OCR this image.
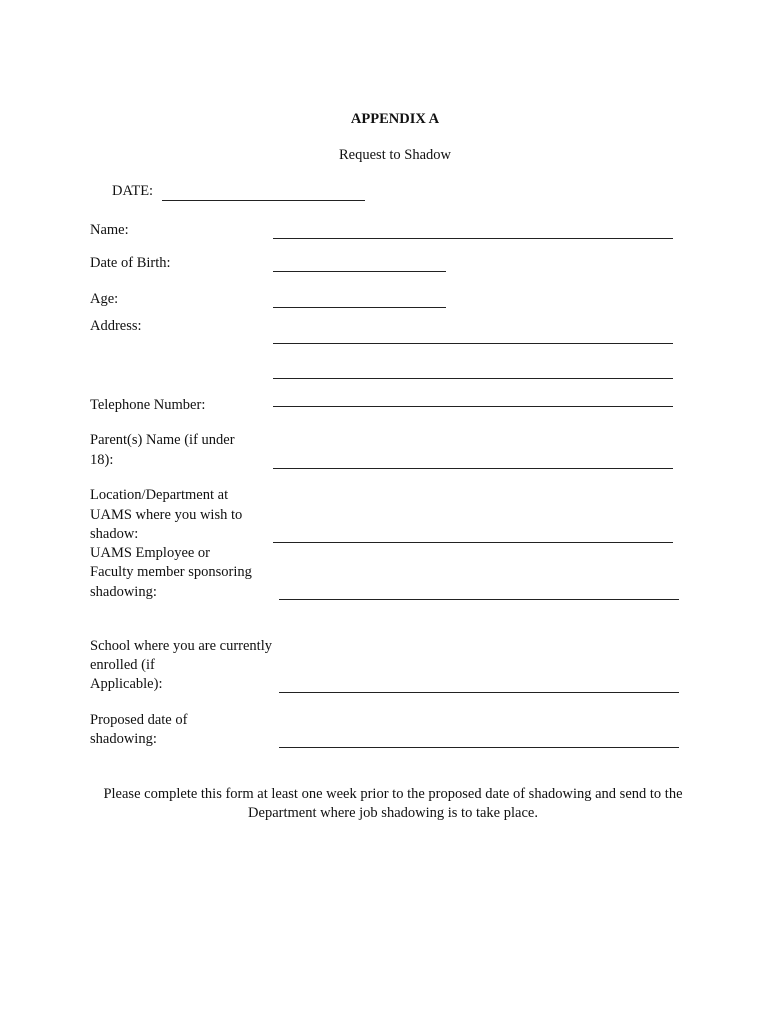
APPENDIX A
Request to Shadow
DATE:
Name:
Date of Birth:
Age:
Address:
Telephone Number:
Parent(s) Name (if under
18):
Location/Department at
UAMS where you wish to
shadow:
UAMS Employee or
Faculty member sponsoring
shadowing:
School where you are currently
enrolled (if
Applicable):
Proposed date of
shadowing:
Please complete this form at least one week prior to the proposed date of shadowing and send to the Department where job shadowing is to take place.
